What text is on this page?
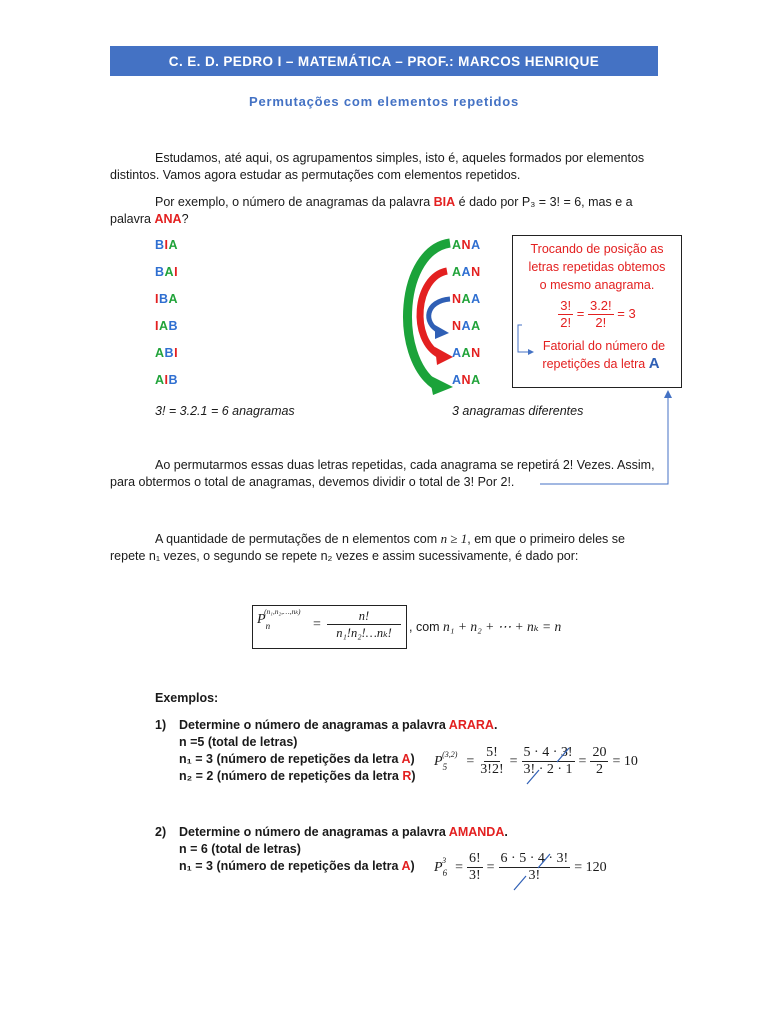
C. E. D. PEDRO I – MATEMÁTICA – PROF.: MARCOS HENRIQUE
Permutações com elementos repetidos
Estudamos, até aqui, os agrupamentos simples, isto é, aqueles formados por elementos distintos. Vamos agora estudar as permutações com elementos repetidos.
Por exemplo, o número de anagramas da palavra BIA é dado por P₃ = 3! = 6, mas e a palavra ANA?
BIA
BAI
IBA
IAB
ABI
AIB
3! = 3.2.1 = 6 anagramas
ANA
AAN
NAA
NAA
AAN
ANA
3 anagramas diferentes
Trocando de posição as
letras repetidas obtemos
o mesmo anagrama.
$\frac{3!}{2!} = \frac{3.2!}{2!} = 3$
Fatorial do número de
repetições da letra A
Ao permutarmos essas duas letras repetidas, cada anagrama se repetirá 2! Vezes. Assim, para obtermos o total de anagramas, devemos dividir o total de 3! Por 2!.
A quantidade de permutações de n elementos com n ≥ 1, em que o primeiro deles se repete n₁ vezes, o segundo se repete n₂ vezes e assim sucessivamente, é dado por:
$P_n^{(n_1,n_2,\dots,n_k)}$
= $\frac{n!}{\text{n₁!n₂!…nₖ!}}$ , com n₁ + n₂ + ⋯ + nₖ = n
Exemplos:
1) Determine o número de anagramas a palavra ARARA.
n =5 (total de letras)
n₁ = 3 (número de repetições da letra A)
n₂ = 2 (número de repetições da letra R)
$P_5^{(3,2)} = \frac{5!}{3!2!} = \frac{5 \cdot 4 \cdot 3!}{3! \cdot 2 \cdot 1} = \frac{20}{2} = 10$
2) Determine o número de anagramas a palavra AMANDA.
n = 6 (total de letras)
n₁ = 3 (número de repetições da letra A)	$P_6^3 = \frac{6!}{3!} = \frac{6 \cdot 5 \cdot 4 \cdot 3!}{3!} = 120$
